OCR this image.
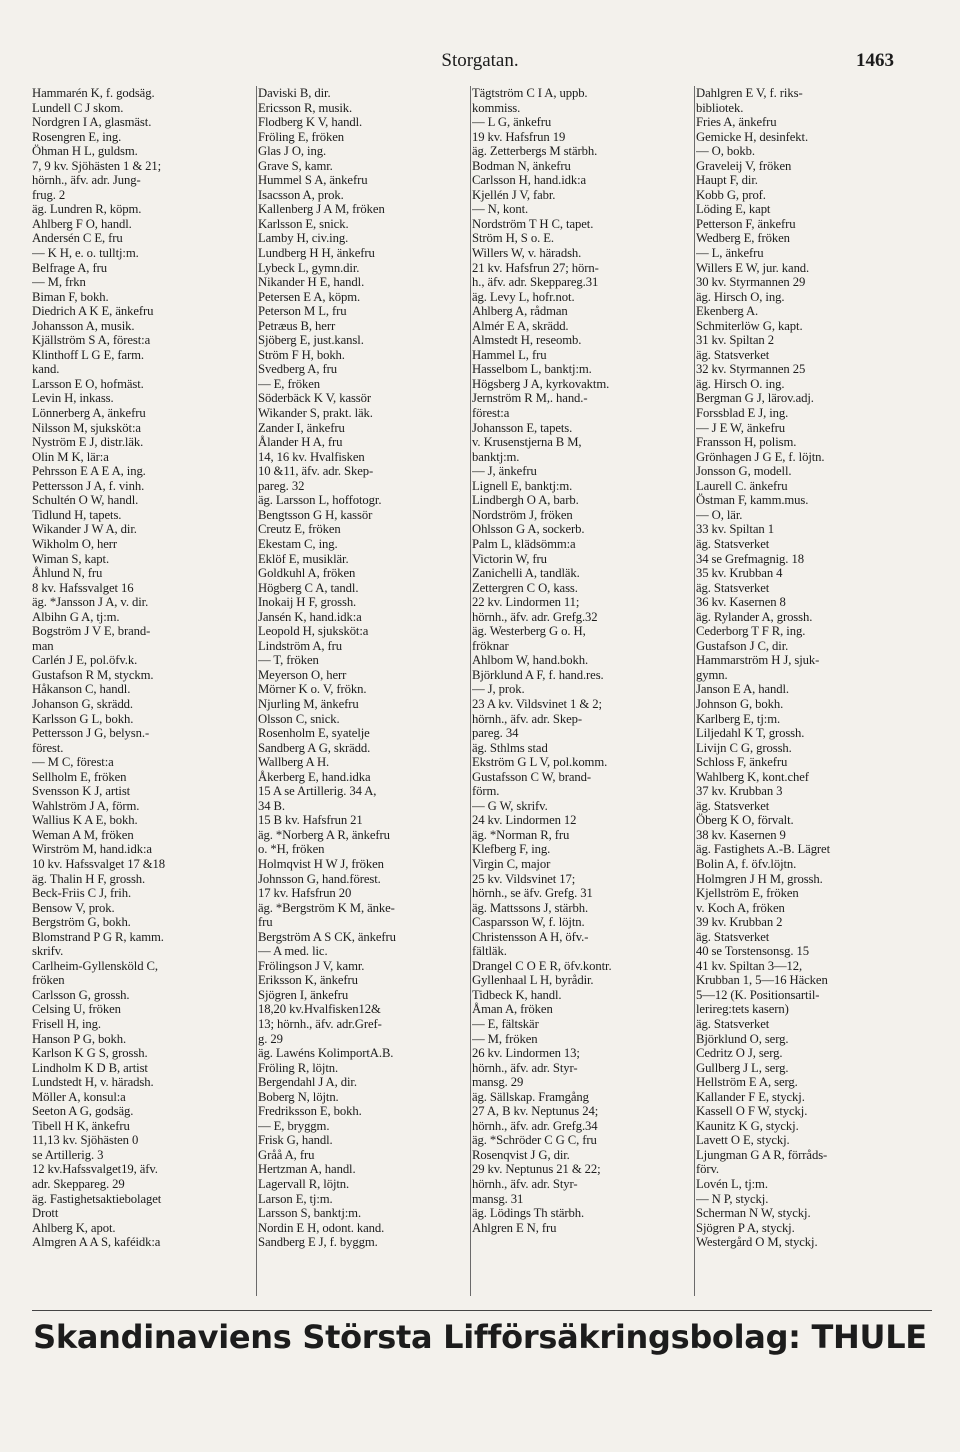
Storgatan.	1463
Hammarén K, f. godsäg.
Lundell C J skom.
Nordgren I A, glasmäst.
Rosengren E, ing.
Öhman H L, guldsm.
7, 9 kv. Sjöhästen 1 & 21;
hörnh., äfv. adr. Jung-
frug. 2
äg. Lundren R, köpm.
Ahlberg F O, handl.
Andersén C E, fru
— K H, e. o. tulltj:m.
Belfrage A, fru
— M, frkn
Biman F, bokh.
Diedrich A K E, änkefru
Johansson A, musik.
Kjällström S A, förest:a
Klinthoff L G E, farm.
kand.
Larsson E O, hofmäst.
Levin H, inkass.
Lönnerberg A, änkefru
Nilsson M, sjuksköt:a
Nyström E J, distr.läk.
Olin M K, lär:a
Pehrsson E A E A, ing.
Pettersson J A, f. vinh.
Schultén O W, handl.
Tidlund H, tapets.
Wikander J W A, dir.
Wikholm O, herr
Wiman S, kapt.
Åhlund N, fru
8 kv. Hafssvalget 16
äg. *Jansson J A, v. dir.
Albihn G A, tj:m.
Bogström J V E, brand-
man
Carlén J E, pol.öfv.k.
Gustafson R M, styckm.
Håkanson C, handl.
Johanson G, skrädd.
Karlsson G L, bokh.
Pettersson J G, belysn.-
förest.
— M C, förest:a
Sellholm E, fröken
Svensson K J, artist
Wahlström J A, förm.
Wallius K A E, bokh.
Weman A M, fröken
Wirström M, hand.idk:a
10 kv. Hafssvalget 17 &18
äg. Thalin H F, grossh.
Beck-Friis C J, frih.
Bensow V, prok.
Bergström G, bokh.
Blomstrand P G R, kamm.
skrifv.
Carlheim-Gyllensköld C,
fröken
Carlsson G, grossh.
Celsing U, fröken
Frisell H, ing.
Hanson P G, bokh.
Karlson K G S, grossh.
Lindholm K D B, artist
Lundstedt H, v. häradsh.
Möller A, konsul:a
Seeton A G, godsäg.
Tibell H K, änkefru
11,13 kv. Sjöhästen 0
se Artillerig. 3
12 kv.Hafssvalget19, äfv.
adr. Skeppareg. 29
äg. Fastighetsaktiebolaget
Drott
Ahlberg K, apot.
Almgren A A S, kaféidk:a
Daviski B, dir.
Ericsson R, musik.
Flodberg K V, handl.
Fröling E, fröken
Glas J O, ing.
Grave S, kamr.
Hummel S A, änkefru
Isacsson A, prok.
Kallenberg J A M, fröken
Karlsson E, snick.
Lamby H, civ.ing.
Lundberg H H, änkefru
Lybeck L, gymn.dir.
Nikander H E, handl.
Petersen E A, köpm.
Peterson M L, fru
Petræus B, herr
Sjöberg E, just.kansl.
Ström F H, bokh.
Svedberg A, fru
— E, fröken
Söderbäck K V, kassör
Wikander S, prakt. läk.
Zander I, änkefru
Ålander H A, fru
14, 16 kv. Hvalfisken
10 &11, äfv. adr. Skep-
pareg. 32
äg. Larsson L, hoffotogr.
Bengtsson G H, kassör
Creutz E, fröken
Ekestam C, ing.
Eklöf E, musiklär.
Goldkuhl A, fröken
Högberg C A, tandl.
Inokaij H F, grossh.
Jansén K, hand.idk:a
Leopold H, sjuksköt:a
Lindström A, fru
— T, fröken
Meyerson O, herr
Mörner K o. V, frökn.
Njurling M, änkefru
Olsson C, snick.
Rosenholm E, syatelje
Sandberg A G, skrädd.
Wallberg A H.
Åkerberg E, hand.idka
15 A se Artillerig. 34 A,
34 B.
15 B kv. Hafsfrun 21
äg. *Norberg A R, änkefru
o. *H, fröken
Holmqvist H W J, fröken
Johnsson G, hand.förest.
17 kv. Hafsfrun 20
äg. *Bergström K M, änke-
fru
Bergström A S CK, änkefru
— A med. lic.
Frölingson J V, kamr.
Eriksson K, änkefru
Sjögren I, änkefru
18,20 kv.Hvalfisken12&
13; hörnh., äfv. adr.Gref-
g. 29
äg. Lawéns KolimportA.B.
Fröling R, löjtn.
Bergendahl J A, dir.
Boberg N, löjtn.
Fredriksson E, bokh.
— E, bryggm.
Frisk G, handl.
Gråå A, fru
Hertzman A, handl.
Lagervall R, löjtn.
Larson E, tj:m.
Larsson S, banktj:m.
Nordin E H, odont. kand.
Sandberg E J, f. byggm.
Tägtström C I A, uppb.
kommiss.
— L G, änkefru
19 kv. Hafsfrun 19
äg. Zetterbergs M stärbh.
Bodman N, änkefru
Carlsson H, hand.idk:a
Kjellén J V, fabr.
— N, kont.
Nordström T H C, tapet.
Ström H, S o. E.
Willers W, v. häradsh.
21 kv. Hafsfrun 27; hörn-
h., äfv. adr. Skeppareg.31
äg. Levy L, hofr.not.
Ahlberg A, rådman
Almér E A, skrädd.
Almstedt H, reseomb.
Hammel L, fru
Hasselbom L, banktj:m.
Högsberg J A, kyrkovaktm.
Jernström R M,. hand.-
förest:a
Johansson E, tapets.
v. Krusenstjerna B M,
banktj:m.
— J, änkefru
Lignell E, banktj:m.
Lindbergh O A, barb.
Nordström J, fröken
Ohlsson G A, sockerb.
Palm L, klädsömm:a
Victorin W, fru
Zanichelli A, tandläk.
Zettergren C O, kass.
22 kv. Lindormen 11;
hörnh., äfv. adr. Grefg.32
äg. Westerberg G o. H,
fröknar
Ahlbom W, hand.bokh.
Björklund A F, f. hand.res.
— J, prok.
23 A kv. Vildsvinet 1 & 2;
hörnh., äfv. adr. Skep-
pareg. 34
äg. Sthlms stad
Ekström G L V, pol.komm.
Gustafsson C W, brand-
förm.
— G W, skrifv.
24 kv. Lindormen 12
äg. *Norman R, fru
Klefberg F, ing.
Virgin C, major
25 kv. Vildsvinet 17;
hörnh., se äfv. Grefg. 31
äg. Mattssons J, stärbh.
Casparsson W, f. löjtn.
Christensson A H, öfv.-
fältläk.
Drangel C O E R, öfv.kontr.
Gyllenhaal L H, byrådir.
Tidbeck K, handl.
Åman A, fröken
— E, fältskär
— M, fröken
26 kv. Lindormen 13;
hörnh., äfv. adr. Styr-
mansg. 29
äg. Sällskap. Framgång
27 A, B kv. Neptunus 24;
hörnh., äfv. adr. Grefg.34
äg. *Schröder C G C, fru
Rosenqvist J G, dir.
29 kv. Neptunus 21 & 22;
hörnh., äfv. adr. Styr-
mansg. 31
äg. Lödings Th stärbh.
Ahlgren E N, fru
Dahlgren E V, f. riks-
bibliotek.
Fries A, änkefru
Gemicke H, desinfekt.
— O, bokb.
Graveleij V, fröken
Haupt F, dir.
Kobb G, prof.
Löding E, kapt
Petterson F, änkefru
Wedberg E, fröken
— L, änkefru
Willers E W, jur. kand.
30 kv. Styrmannen 29
äg. Hirsch O, ing.
Ekenberg A.
Schmiterlöw G, kapt.
31 kv. Spiltan 2
äg. Statsverket
32 kv. Styrmannen 25
äg. Hirsch O. ing.
Bergman G J, lärov.adj.
Forssblad E J, ing.
— J E W, änkefru
Fransson H, polism.
Grönhagen J G E, f. löjtn.
Jonsson G, modell.
Laurell C. änkefru
Östman F, kamm.mus.
— O, lär.
33 kv. Spiltan 1
äg. Statsverket
34 se Grefmagnig. 18
35 kv. Krubban 4
äg. Statsverket
36 kv. Kasernen 8
äg. Rylander A, grossh.
Cederborg T F R, ing.
Gustafson J C, dir.
Hammarström H J, sjuk-
gymn.
Janson E A, handl.
Johnson G, bokh.
Karlberg E, tj:m.
Liljedahl K T, grossh.
Livijn C G, grossh.
Schloss F, änkefru
Wahlberg K, kont.chef
37 kv. Krubban 3
äg. Statsverket
Öberg K O, förvalt.
38 kv. Kasernen 9
äg. Fastighets A.-B. Lägret
Bolin A, f. öfv.löjtn.
Holmgren J H M, grossh.
Kjellström E, fröken
v. Koch A, fröken
39 kv. Krubban 2
äg. Statsverket
40 se Torstensonsg. 15
41 kv. Spiltan 3—12,
Krubban 1, 5—16 Häcken
5—12 (K. Positionsartil-
lerireg:tets kasern)
äg. Statsverket
Björklund O, serg.
Cedritz O J, serg.
Gullberg J L, serg.
Hellström E A, serg.
Kallander F E, styckj.
Kassell O F W, styckj.
Kaunitz K G, styckj.
Lavett O E, styckj.
Ljungman G A R, förråds-
förv.
Lovén L, tj:m.
— N P, styckj.
Scherman N W, styckj.
Sjögren P A, styckj.
Westergård O M, styckj.
Skandinaviens Största Lifförsäkringsbolag: THULE
